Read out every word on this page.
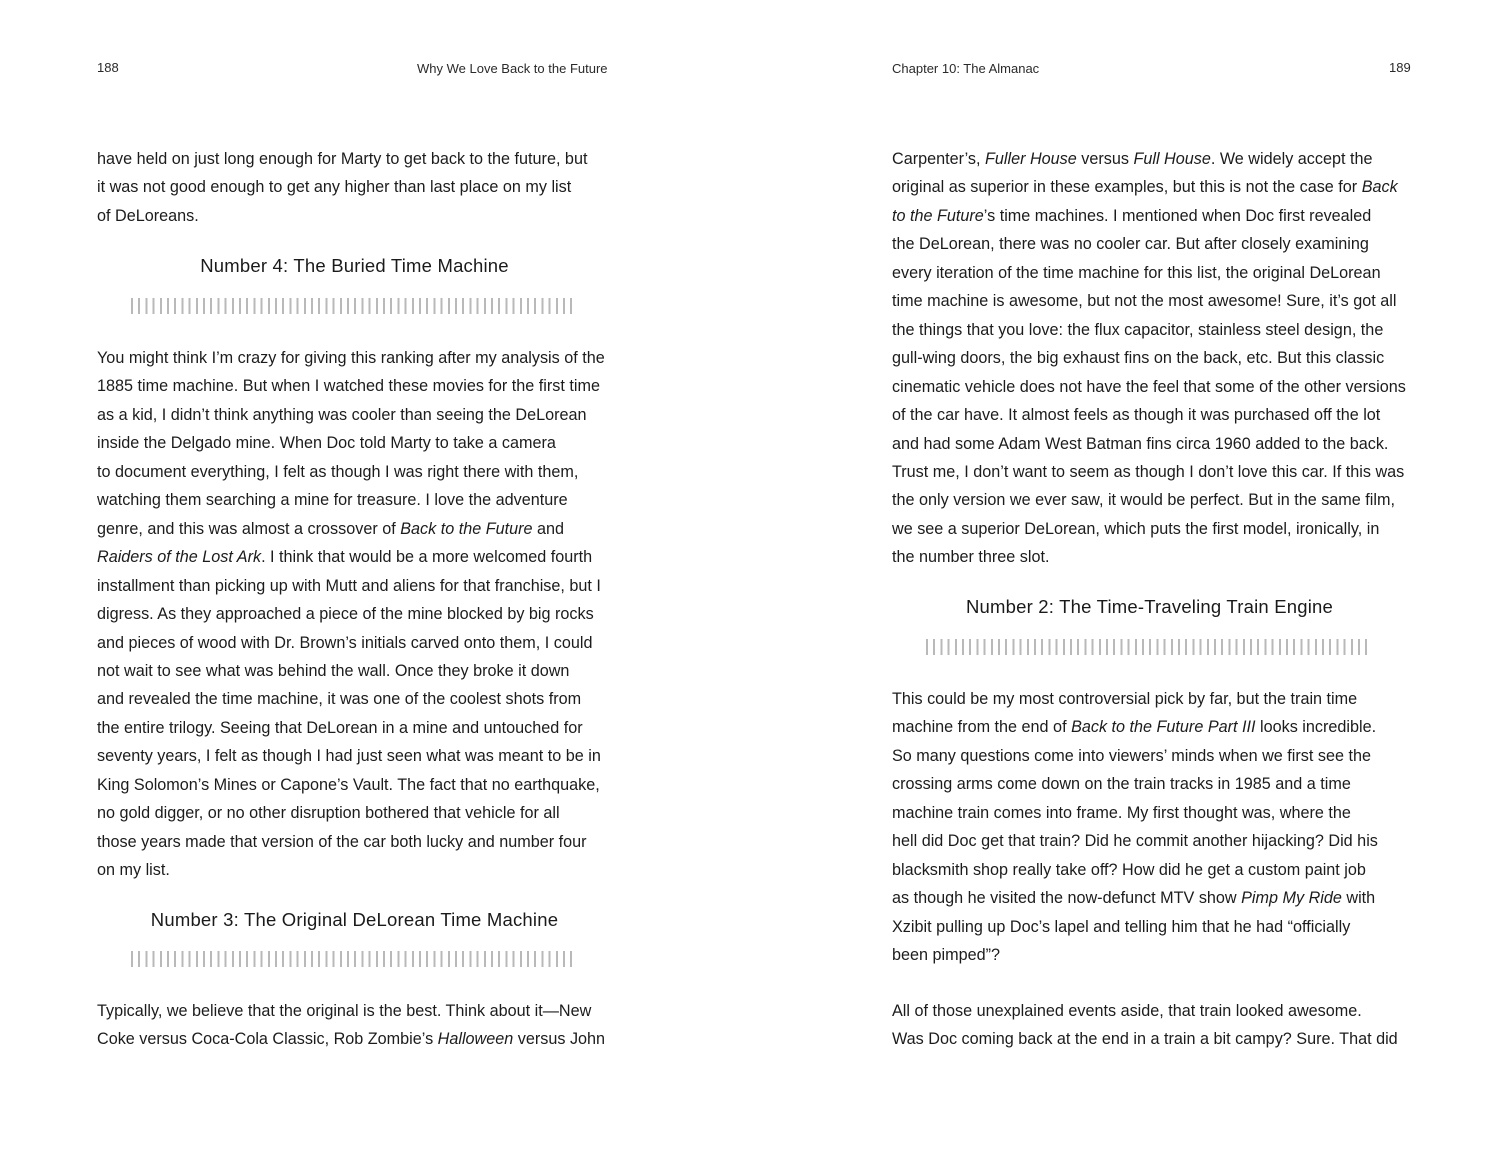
188	Why We Love Back to the Future
have held on just long enough for Marty to get back to the future, but
it was not good enough to get any higher than last place on my list
of DeLoreans.
Number 4: The Buried Time Machine
You might think I’m crazy for giving this ranking after my analysis of the
1885 time machine. But when I watched these movies for the first time
as a kid, I didn’t think anything was cooler than seeing the DeLorean
inside the Delgado mine. When Doc told Marty to take a camera
to document everything, I felt as though I was right there with them,
watching them searching a mine for treasure. I love the adventure
genre, and this was almost a crossover of Back to the Future and
Raiders of the Lost Ark. I think that would be a more welcomed fourth
installment than picking up with Mutt and aliens for that franchise, but I
digress. As they approached a piece of the mine blocked by big rocks
and pieces of wood with Dr. Brown’s initials carved onto them, I could
not wait to see what was behind the wall. Once they broke it down
and revealed the time machine, it was one of the coolest shots from
the entire trilogy. Seeing that DeLorean in a mine and untouched for
seventy years, I felt as though I had just seen what was meant to be in
King Solomon’s Mines or Capone’s Vault. The fact that no earthquake,
no gold digger, or no other disruption bothered that vehicle for all
those years made that version of the car both lucky and number four
on my list.
Number 3: The Original DeLorean Time Machine
Typically, we believe that the original is the best. Think about it—New
Coke versus Coca-Cola Classic, Rob Zombie’s Halloween versus John
Chapter 10: The Almanac	189
Carpenter’s, Fuller House versus Full House. We widely accept the
original as superior in these examples, but this is not the case for Back
to the Future’s time machines. I mentioned when Doc first revealed
the DeLorean, there was no cooler car. But after closely examining
every iteration of the time machine for this list, the original DeLorean
time machine is awesome, but not the most awesome! Sure, it’s got all
the things that you love: the flux capacitor, stainless steel design, the
gull-wing doors, the big exhaust fins on the back, etc. But this classic
cinematic vehicle does not have the feel that some of the other versions
of the car have. It almost feels as though it was purchased off the lot
and had some Adam West Batman fins circa 1960 added to the back.
Trust me, I don’t want to seem as though I don’t love this car. If this was
the only version we ever saw, it would be perfect. But in the same film,
we see a superior DeLorean, which puts the first model, ironically, in
the number three slot.
Number 2: The Time-Traveling Train Engine
This could be my most controversial pick by far, but the train time
machine from the end of Back to the Future Part III looks incredible.
So many questions come into viewers’ minds when we first see the
crossing arms come down on the train tracks in 1985 and a time
machine train comes into frame. My first thought was, where the
hell did Doc get that train? Did he commit another hijacking? Did his
blacksmith shop really take off? How did he get a custom paint job
as though he visited the now-defunct MTV show Pimp My Ride with
Xzibit pulling up Doc’s lapel and telling him that he had “officially
been pimped”?
All of those unexplained events aside, that train looked awesome.
Was Doc coming back at the end in a train a bit campy? Sure. That did
